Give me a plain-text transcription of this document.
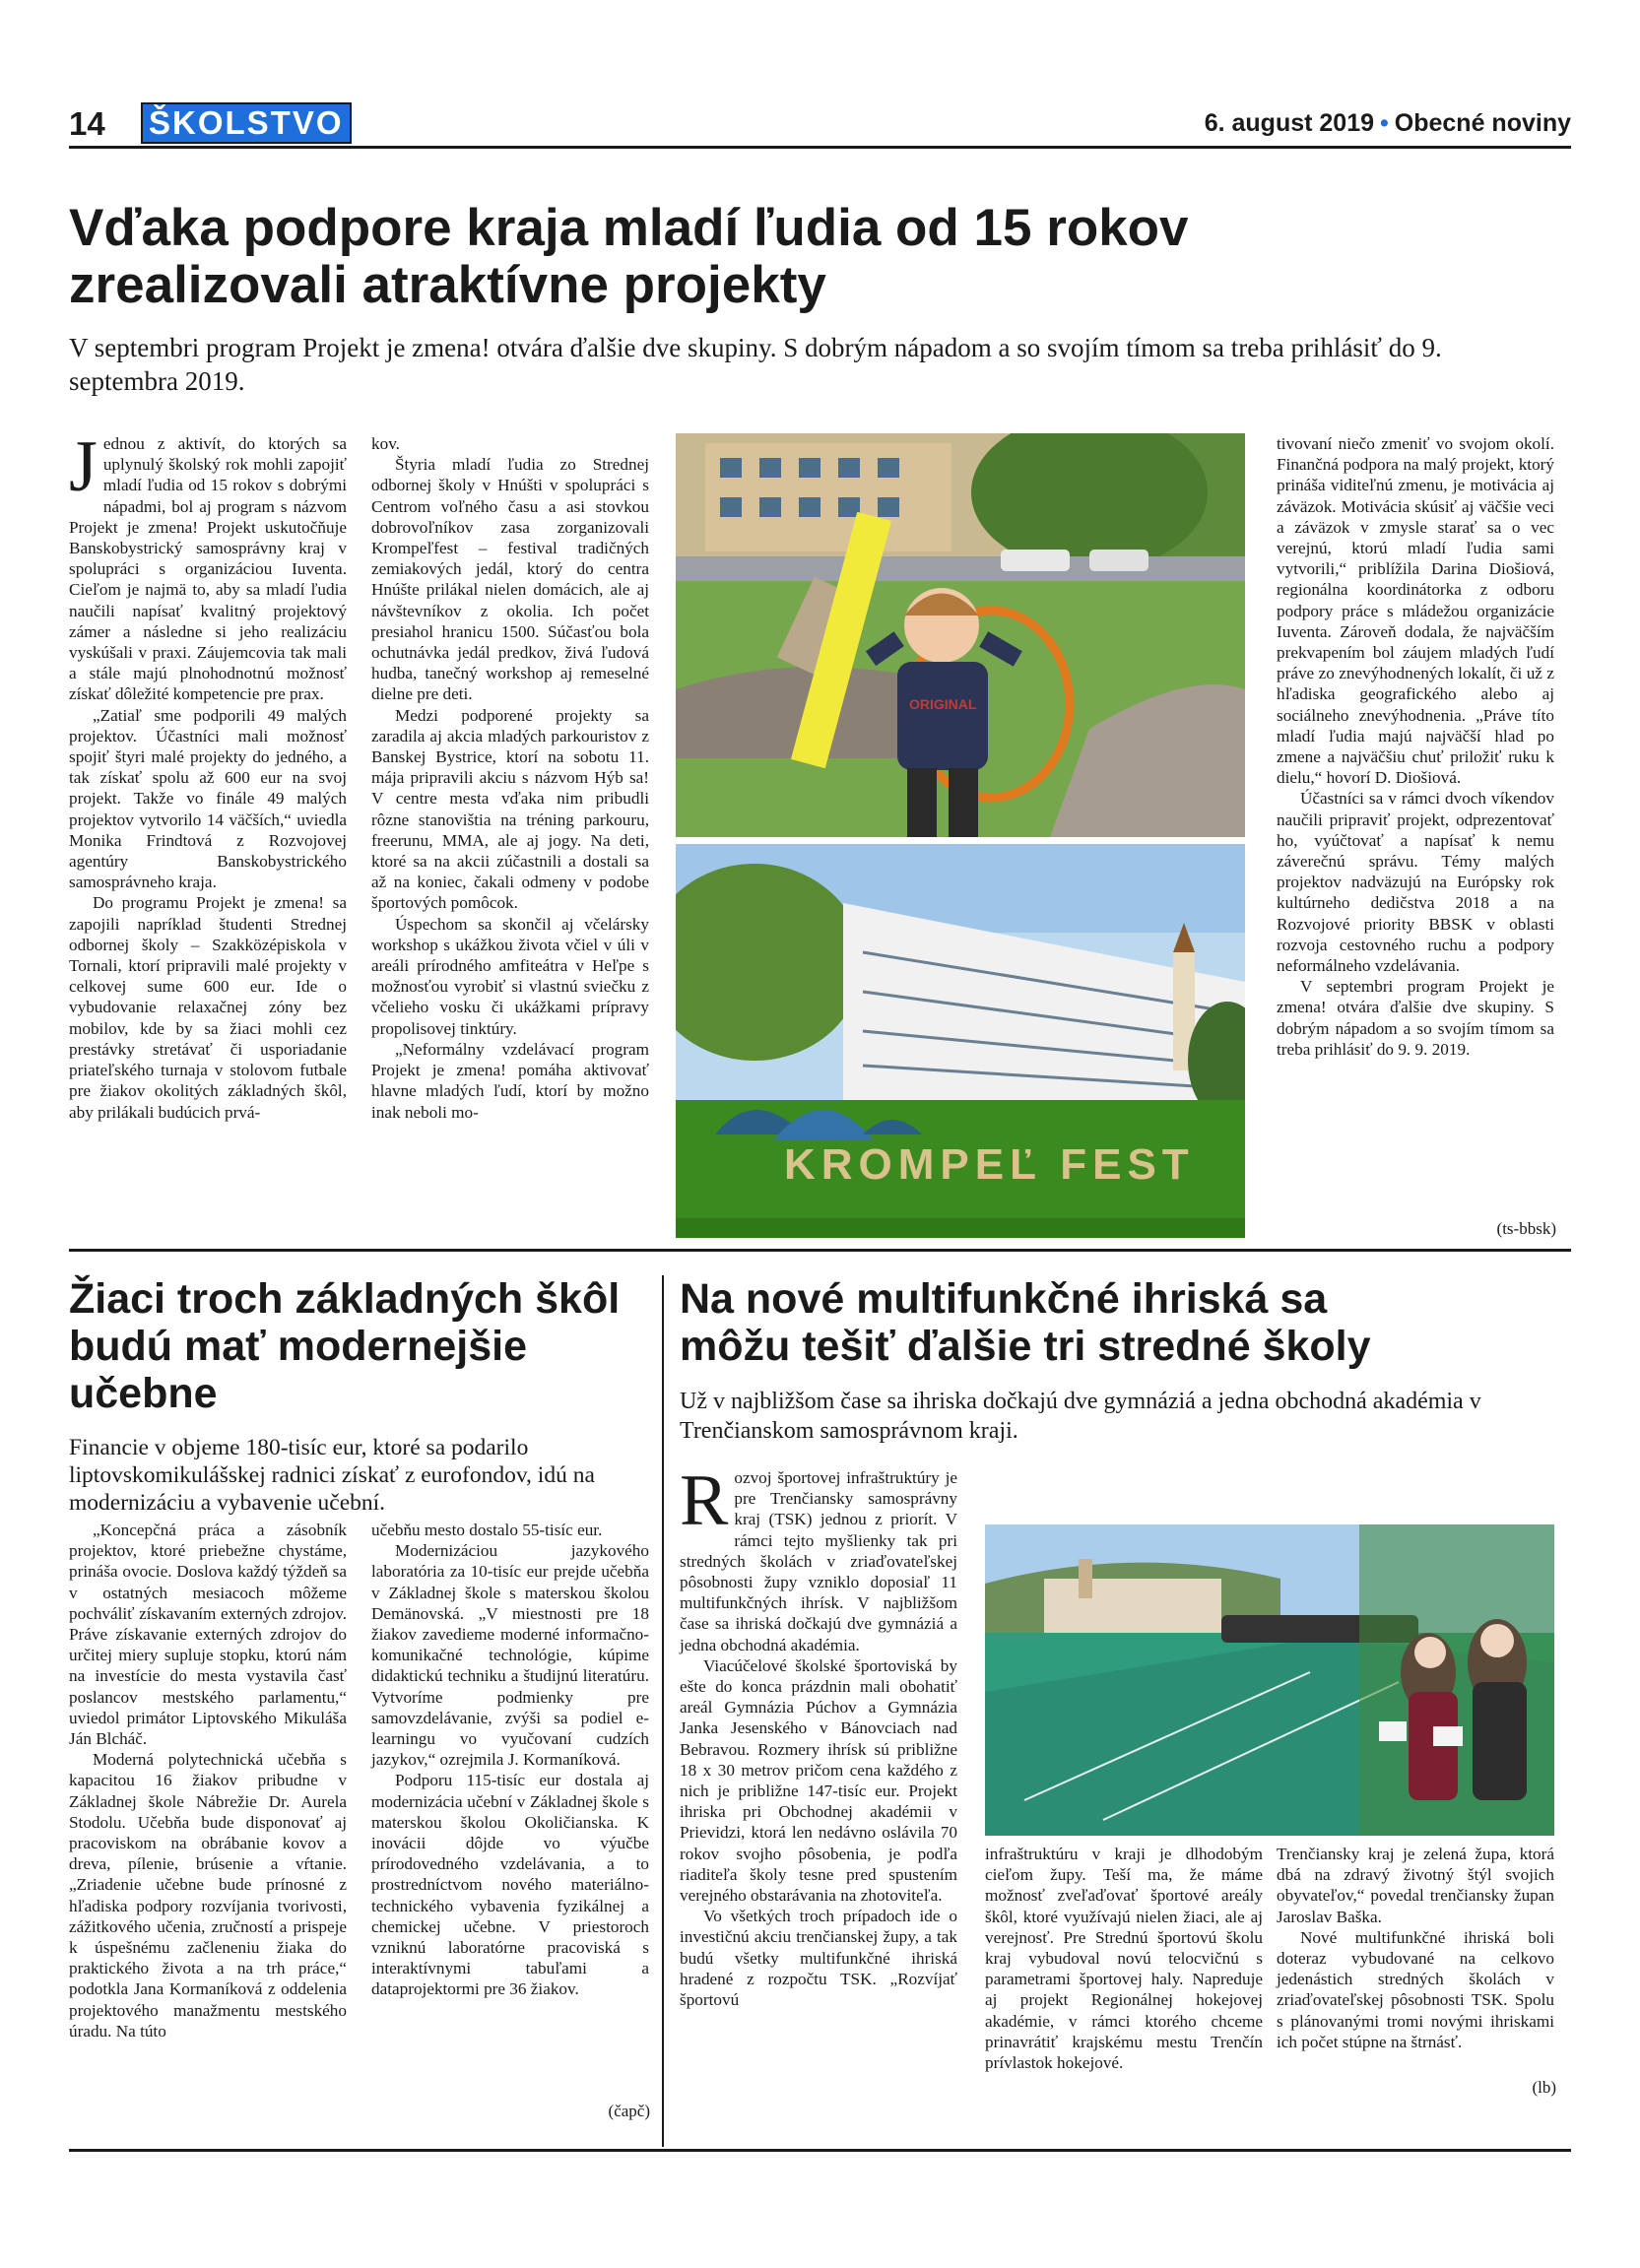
14 ŠKOLSTVO	6. august 2019 • Obecné noviny
Vďaka podpore kraja mladí ľudia od 15 rokov
zrealizovali atraktívne projekty
V septembri program Projekt je zmena! otvára ďalšie dve skupiny. S dobrým nápadom a so svojím tímom sa treba prihlásiť do 9. septembra 2019.
J ednou z aktivít, do ktorých sa uplynulý školský rok mohli zapojiť mladí ľudia od 15 rokov s dobrými nápadmi, bol aj program s názvom Projekt je zmena! Projekt uskutočňuje Banskobystrický samosprávny kraj v spolupráci s organizáciou Iuventa. Cieľom je najmä to, aby sa mladí ľudia naučili napísať kvalitný projektový zámer a následne si jeho realizáciu vyskúšali v praxi. Záujemcovia tak mali a stále majú plnohodnotnú možnosť získať dôležité kompetencie pre prax.

„Zatiaľ sme podporili 49 malých projektov. Účastníci mali možnosť spojiť štyri malé projekty do jedného, a tak získať spolu až 600 eur na svoj projekt. Takže vo finále 49 malých projektov vytvorilo 14 väčších,“ uviedla Monika Frindtová z Rozvojovej agentúry Banskobystrického samosprávneho kraja.

Do programu Projekt je zmena! sa zapojili napríklad študenti Strednej odbornej školy – Szakközépiskola v Tornali, ktorí pripravili malé projekty v celkovej sume 600 eur. Ide o vybudovanie relaxačnej zóny bez mobilov, kde by sa žiaci mohli cez prestávky stretávať či usporiadanie priateľského turnaja v stolovom futbale pre žiakov okolitých základných škôl, aby prilákali budúcich prvá-

kov.

Štyria mladí ľudia zo Strednej odbornej školy v Hnúšti v spolupráci s Centrom voľného času a asi stovkou dobrovoľníkov zasa zorganizovali Krompeľfest – festival tradičných zemiakových jedál, ktorý do centra Hnúšte prilákal nielen domácich, ale aj návštevníkov z okolia. Ich počet presiahol hranicu 1500. Súčasťou bola ochutnávka jedál predkov, živá ľudová hudba, tanečný workshop aj remeselné dielne pre deti.

Medzi podporené projekty sa zaradila aj akcia mladých parkouristov z Banskej Bystrice, ktorí na sobotu 11. mája pripravili akciu s názvom Hýb sa! V centre mesta vďaka nim pribudli rôzne stanovištia na tréning parkouru, freerunu, MMA, ale aj jogy. Na deti, ktoré sa na akcii zúčastnili a dostali sa až na koniec, čakali odmeny v podobe športových pomôcok.

Úspechom sa skončil aj včelársky workshop s ukážkou života včiel v úli v areáli prírodného amfiteátra v Heľpe s možnosťou vyrobiť si vlastnú sviečku z včelieho vosku či ukážkami prípravy propolisovej tinktúry.

„Neformálny vzdelávací program Projekt je zmena! pomáha aktivovať hlavne mladých ľudí, ktorí by možno inak neboli mo-

ORIGINAL
KROMPEĽ FEST

tivovaní niečo zmeniť vo svojom okolí. Finančná podpora na malý projekt, ktorý prináša viditeľnú zmenu, je motivácia aj záväzok. Motivácia skúsiť aj väčšie veci a záväzok v zmysle starať sa o vec verejnú, ktorú mladí ľudia sami vytvorili,“ priblížila Darina Diošiová, regionálna koordinátorka z odboru podpory práce s mládežou organizácie Iuventa. Zároveň dodala, že najväčším prekvapením bol záujem mladých ľudí práve zo znevýhodnených lokalít, či už z hľadiska geografického alebo aj sociálneho znevýhodnenia. „Práve títo mladí ľudia majú najväčší hlad po zmene a najväčšiu chuť priložiť ruku k dielu,“ hovorí D. Diošiová.

Účastníci sa v rámci dvoch víkendov naučili pripraviť projekt, odprezentovať ho, vyúčtovať a napísať k nemu záverečnú správu. Témy malých projektov nadväzujú na Európsky rok kultúrneho dedičstva 2018 a na Rozvojové priority BBSK v oblasti rozvoja cestovného ruchu a podpory neformálneho vzdelávania.

V septembri program Projekt je zmena! otvára ďalšie dve skupiny. S dobrým nápadom a so svojím tímom sa treba prihlásiť do 9. 9. 2019.

(ts-bbsk)
Žiaci troch základných škôl budú mať modernejšie učebne
Financie v objeme 180-tisíc eur, ktoré sa podarilo liptovskomikulášskej radnici získať z eurofondov, idú na modernizáciu a vybavenie učební.

„Koncepčná práca a zásobník projektov, ktoré priebežne chystáme, prináša ovocie. Doslova každý týždeň sa v ostatných mesiacoch môžeme pochváliť získavaním externých zdrojov. Práve získavanie externých zdrojov do určitej miery supluje stopku, ktorú nám na investície do mesta vystavila časť poslancov mestského parlamentu,“ uviedol primátor Liptovského Mikuláša Ján Blcháč.

Moderná polytechnická učebňa s kapacitou 16 žiakov pribudne v Základnej škole Nábrežie Dr. Aurela Stodolu. Učebňa bude disponovať aj pracoviskom na obrábanie kovov a dreva, pílenie, brúsenie a vŕtanie. „Zriadenie učebne bude prínosné z hľadiska podpory rozvíjania tvorivosti, zážitkového učenia, zručností a prispeje k úspešnému začleneniu žiaka do praktického života a na trh práce,“ podotkla Jana Kormaníková z oddelenia projektového manažmentu mestského úradu. Na túto

učebňu mesto dostalo 55-tisíc eur.

Modernizáciou jazykového laboratória za 10-tisíc eur prejde učebňa v Základnej škole s materskou školou Demänovská. „V miestnosti pre 18 žiakov zavedieme moderné informačno-komunikačné technológie, kúpime didaktickú techniku a študijnú literatúru. Vytvoríme podmienky pre samovzdelávanie, zvýši sa podiel e-learningu vo vyučovaní cudzích jazykov,“ ozrejmila J. Kormaníková.

Podporu 115-tisíc eur dostala aj modernizácia učební v Základnej škole s materskou školou Okoličianska. K inovácii dôjde vo výučbe prírodovedného vzdelávania, a to prostredníctvom nového materiálno-technického vybavenia fyzikálnej a chemickej učebne. V priestoroch vzniknú laboratórne pracoviská s interaktívnymi tabuľami a dataprojektormi pre 36 žiakov.

(čapč)
Na nové multifunkčné ihriská sa
môžu tešiť ďalšie tri stredné školy
Už v najbližšom čase sa ihriska dočkajú dve gymnáziá a jedna obchodná akadémia v Trenčianskom samosprávnom kraji.
R ozvoj športovej infraštruktúry je pre Trenčiansky samosprávny kraj (TSK) jednou z priorít. V rámci tejto myšlienky tak pri stredných školách v zriaďovateľskej pôsobnosti župy vzniklo doposiaľ 11 multifunkčných ihrísk. V najbližšom čase sa ihriská dočkajú dve gymnáziá a jedna obchodná akadémia.

Viacúčelové školské športoviská by ešte do konca prázdnin mali obohatiť areál Gymnázia Púchov a Gymnázia Janka Jesenského v Bánovciach nad Bebravou. Rozmery ihrísk sú približne 18 x 30 metrov pričom cena každého z nich je približne 147-tisíc eur. Projekt ihriska pri Obchodnej akadémii v Prievidzi, ktorá len nedávno oslávila 70 rokov svojho pôsobenia, je podľa riaditeľa školy tesne pred spustením verejného obstarávania na zhotoviteľa.

Vo všetkých troch prípadoch ide o investičnú akciu trenčianskej župy, a tak budú všetky multifunkčné ihriská hradené z rozpočtu TSK. „Rozvíjať športovú

infraštruktúru v kraji je dlhodobým cieľom župy. Teší ma, že máme možnosť zveľaďovať športové areály škôl, ktoré využívajú nielen žiaci, ale aj verejnosť. Pre Strednú športovú školu kraj vybudoval novú telocvičnú s parametrami športovej haly. Napreduje aj projekt Regionálnej hokejovej akadémie, v rámci ktorého chceme prinavrátiť krajskému mestu Trenčín prívlastok hokejové.

Trenčiansky kraj je zelená župa, ktorá dbá na zdravý životný štýl svojich obyvateľov,“ povedal trenčiansky župan Jaroslav Baška.

Nové multifunkčné ihriská boli doteraz vybudované na celkovo jedenástich stredných školách v zriaďovateľskej pôsobnosti TSK. Spolu s plánovanými tromi novými ihriskami ich počet stúpne na štrnásť.

(lb)
